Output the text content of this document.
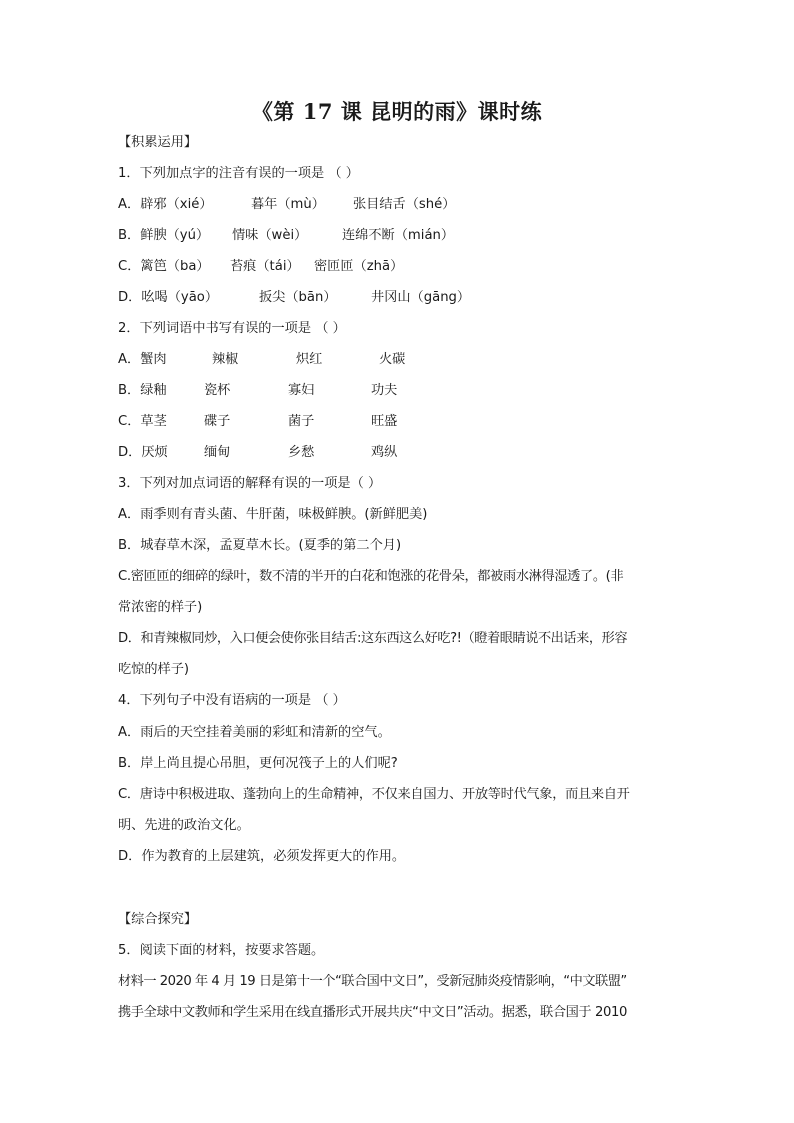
《第 17 课 昆明的雨》课时练
【积累运用】
1．下列加点字的注音有误的一项是 （ ）
A．辟邪（xié）	暮年（mù） 张目结舌（shé）
B．鲜腴（yú） 情味（wèi）	连绵不断（mián）
C．篱笆（ba） 苔痕（tái） 密匝匝（zhā）
D．吆喝（yāo）	扳尖（bān）	井冈山（gāng）
2．下列词语中书写有误的一项是 （ ）
A．蟹肉	辣椒	炽红	火碳
B．绿釉	瓷杯	寡妇	功夫
C．草茎	碟子	菌子	旺盛
D．厌烦	缅甸	乡愁	鸡纵
3．下列对加点词语的解释有误的一项是（ ）
A．雨季则有青头菌、牛肝菌，味极鲜腴。(新鲜肥美)
B．城春草木深，孟夏草木长。(夏季的第二个月)
C.密匝匝的细碎的绿叶，数不清的半开的白花和饱涨的花骨朵，都被雨水淋得湿透了。(非
常浓密的样子)
D．和青辣椒同炒，入口便会使你张目结舌:这东西这么好吃?!（瞪着眼睛说不出话来，形容
吃惊的样子)
4．下列句子中没有语病的一项是 （ ）
A．雨后的天空挂着美丽的彩虹和清新的空气。
B．岸上尚且提心吊胆，更何况筏子上的人们呢?
C．唐诗中积极进取、蓬勃向上的生命精神，不仅来自国力、开放等时代气象，而且来自开
明、先进的政治文化。
D．作为教育的上层建筑，必须发挥更大的作用。
【综合探究】
5．阅读下面的材料，按要求答题。
材料一 2020 年 4 月 19 日是第十一个“联合国中文日”，受新冠肺炎疫情影响，“中文联盟”
携手全球中文教师和学生采用在线直播形式开展共庆“中文日”活动。据悉，联合国于 2010
